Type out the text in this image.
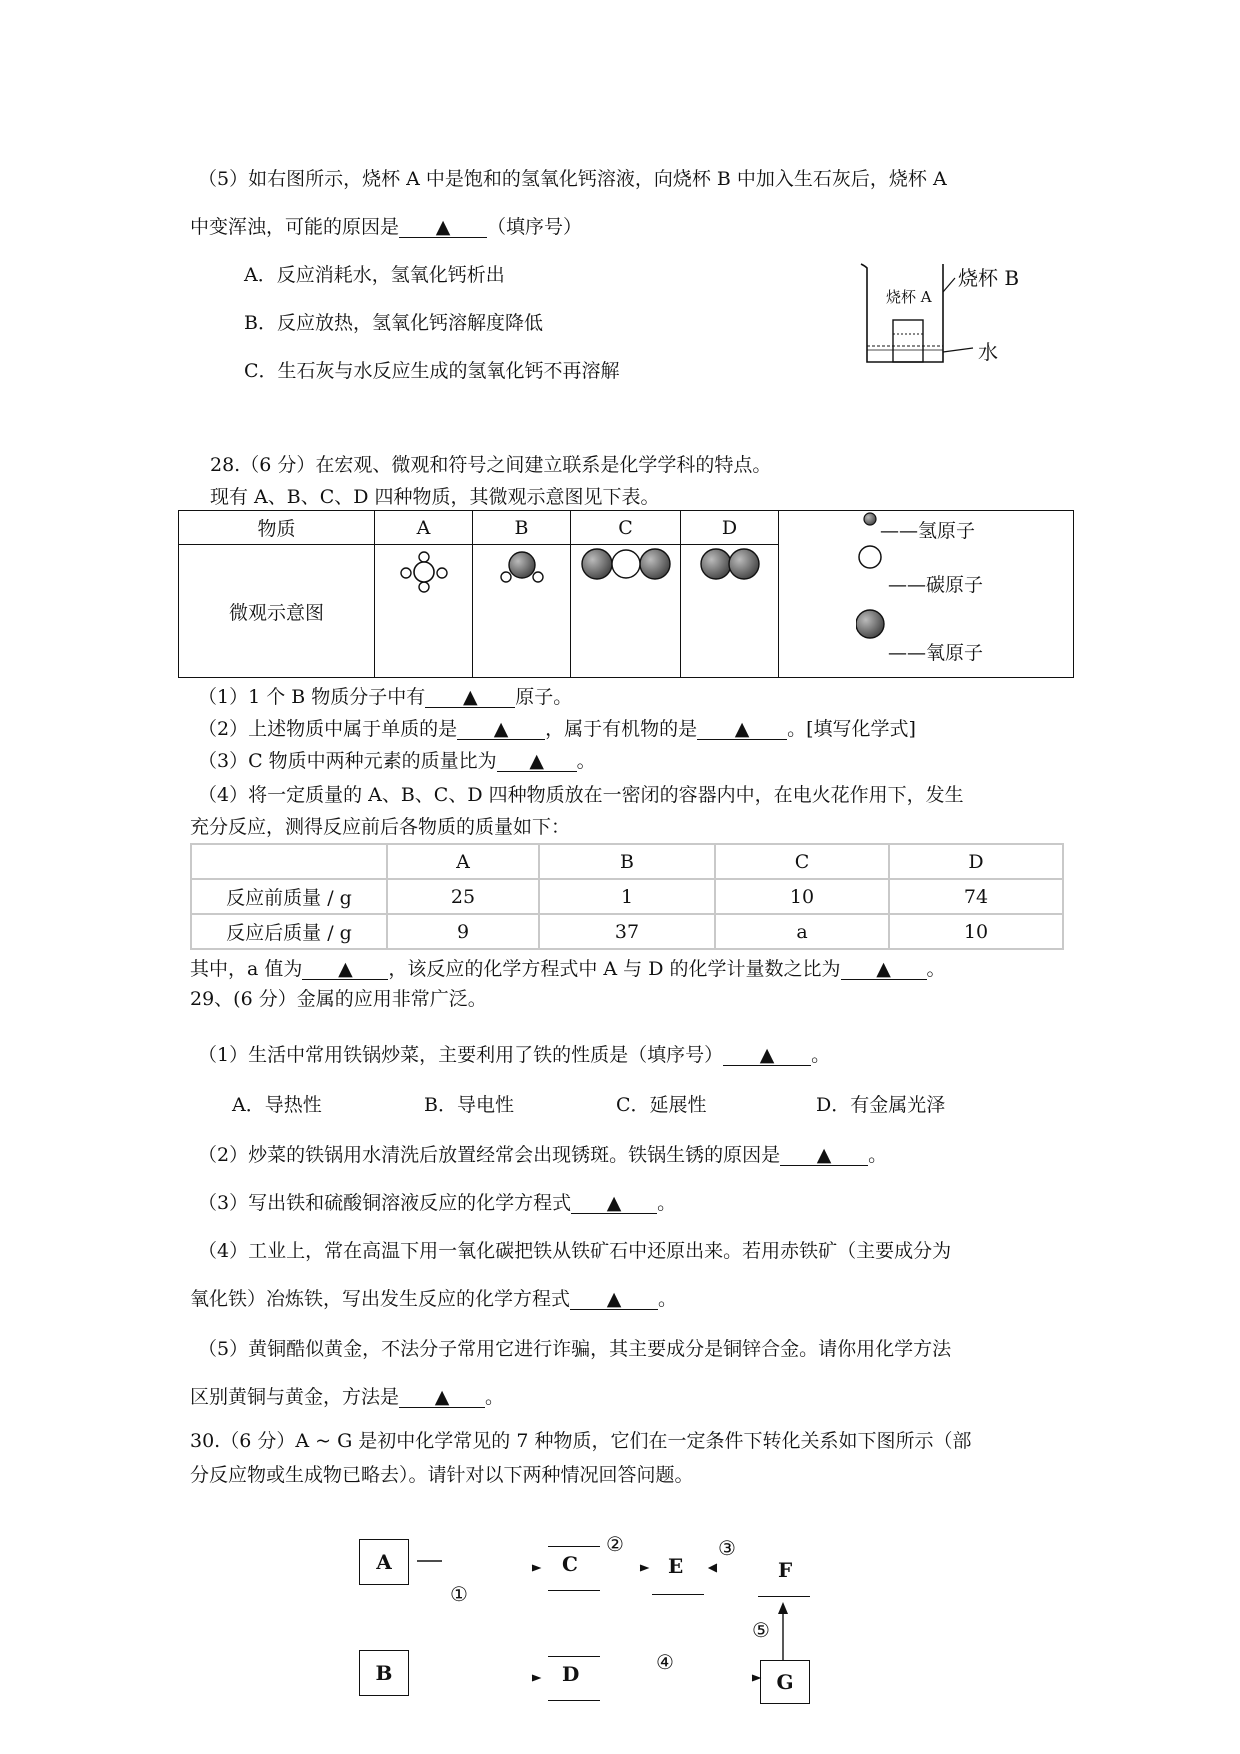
（5）如右图所示，烧杯 A 中是饱和的氢氧化钙溶液，向烧杯 B 中加入生石灰后，烧杯 A
中变浑浊，可能的原因是 ▲ （填序号）
A．反应消耗水，氢氧化钙析出
B．反应放热，氢氧化钙溶解度降低
C．生石灰与水反应生成的氢氧化钙不再溶解
烧杯 B
烧杯 A
水
28.（6 分）在宏观、微观和符号之间建立联系是化学学科的特点。
现有 A、B、C、D 四种物质，其微观示意图见下表。
物质	A	B	C	D	
微观示意图				
——氢原子
——碳原子
——氧原子
（1）1 个 B 物质分子中有 ▲ 原子。
（2）上述物质中属于单质的是 ▲ ，属于有机物的是 ▲ 。[填写化学式]
（3）C 物质中两种元素的质量比为 ▲ 。
（4）将一定质量的 A、B、C、D 四种物质放在一密闭的容器内中，在电火花作用下，发生
充分反应，测得反应前后各物质的质量如下：
	A	B	C	D
反应前质量 / g	25	1	10	74
反应后质量 / g	9	37	a	10
其中，a 值为 ▲ ，该反应的化学方程式中 A 与 D 的化学计量数之比为 ▲ 。
29、(6 分）金属的应用非常广泛。
（1）生活中常用铁锅炒菜，主要利用了铁的性质是（填序号） ▲ 。
A．导热性	B．导电性	C．延展性	D．有金属光泽
（2）炒菜的铁锅用水清洗后放置经常会出现锈斑。铁锅生锈的原因是 ▲ 。
（3）写出铁和硫酸铜溶液反应的化学方程式 ▲ 。
（4）工业上，常在高温下用一氧化碳把铁从铁矿石中还原出来。若用赤铁矿（主要成分为
氧化铁）冶炼铁，写出发生反应的化学方程式 ▲ 。
（5）黄铜酷似黄金，不法分子常用它进行诈骗，其主要成分是铜锌合金。请你用化学方法
区别黄铜与黄金，方法是 ▲ 。
30.（6 分）A ~ G 是初中化学常见的 7 种物质，它们在一定条件下转化关系如下图所示（部
分反应物或生成物已略去）。请针对以下两种情况回答问题。
A
B
C	E	F
D	G
①
②	③
④
⑤
